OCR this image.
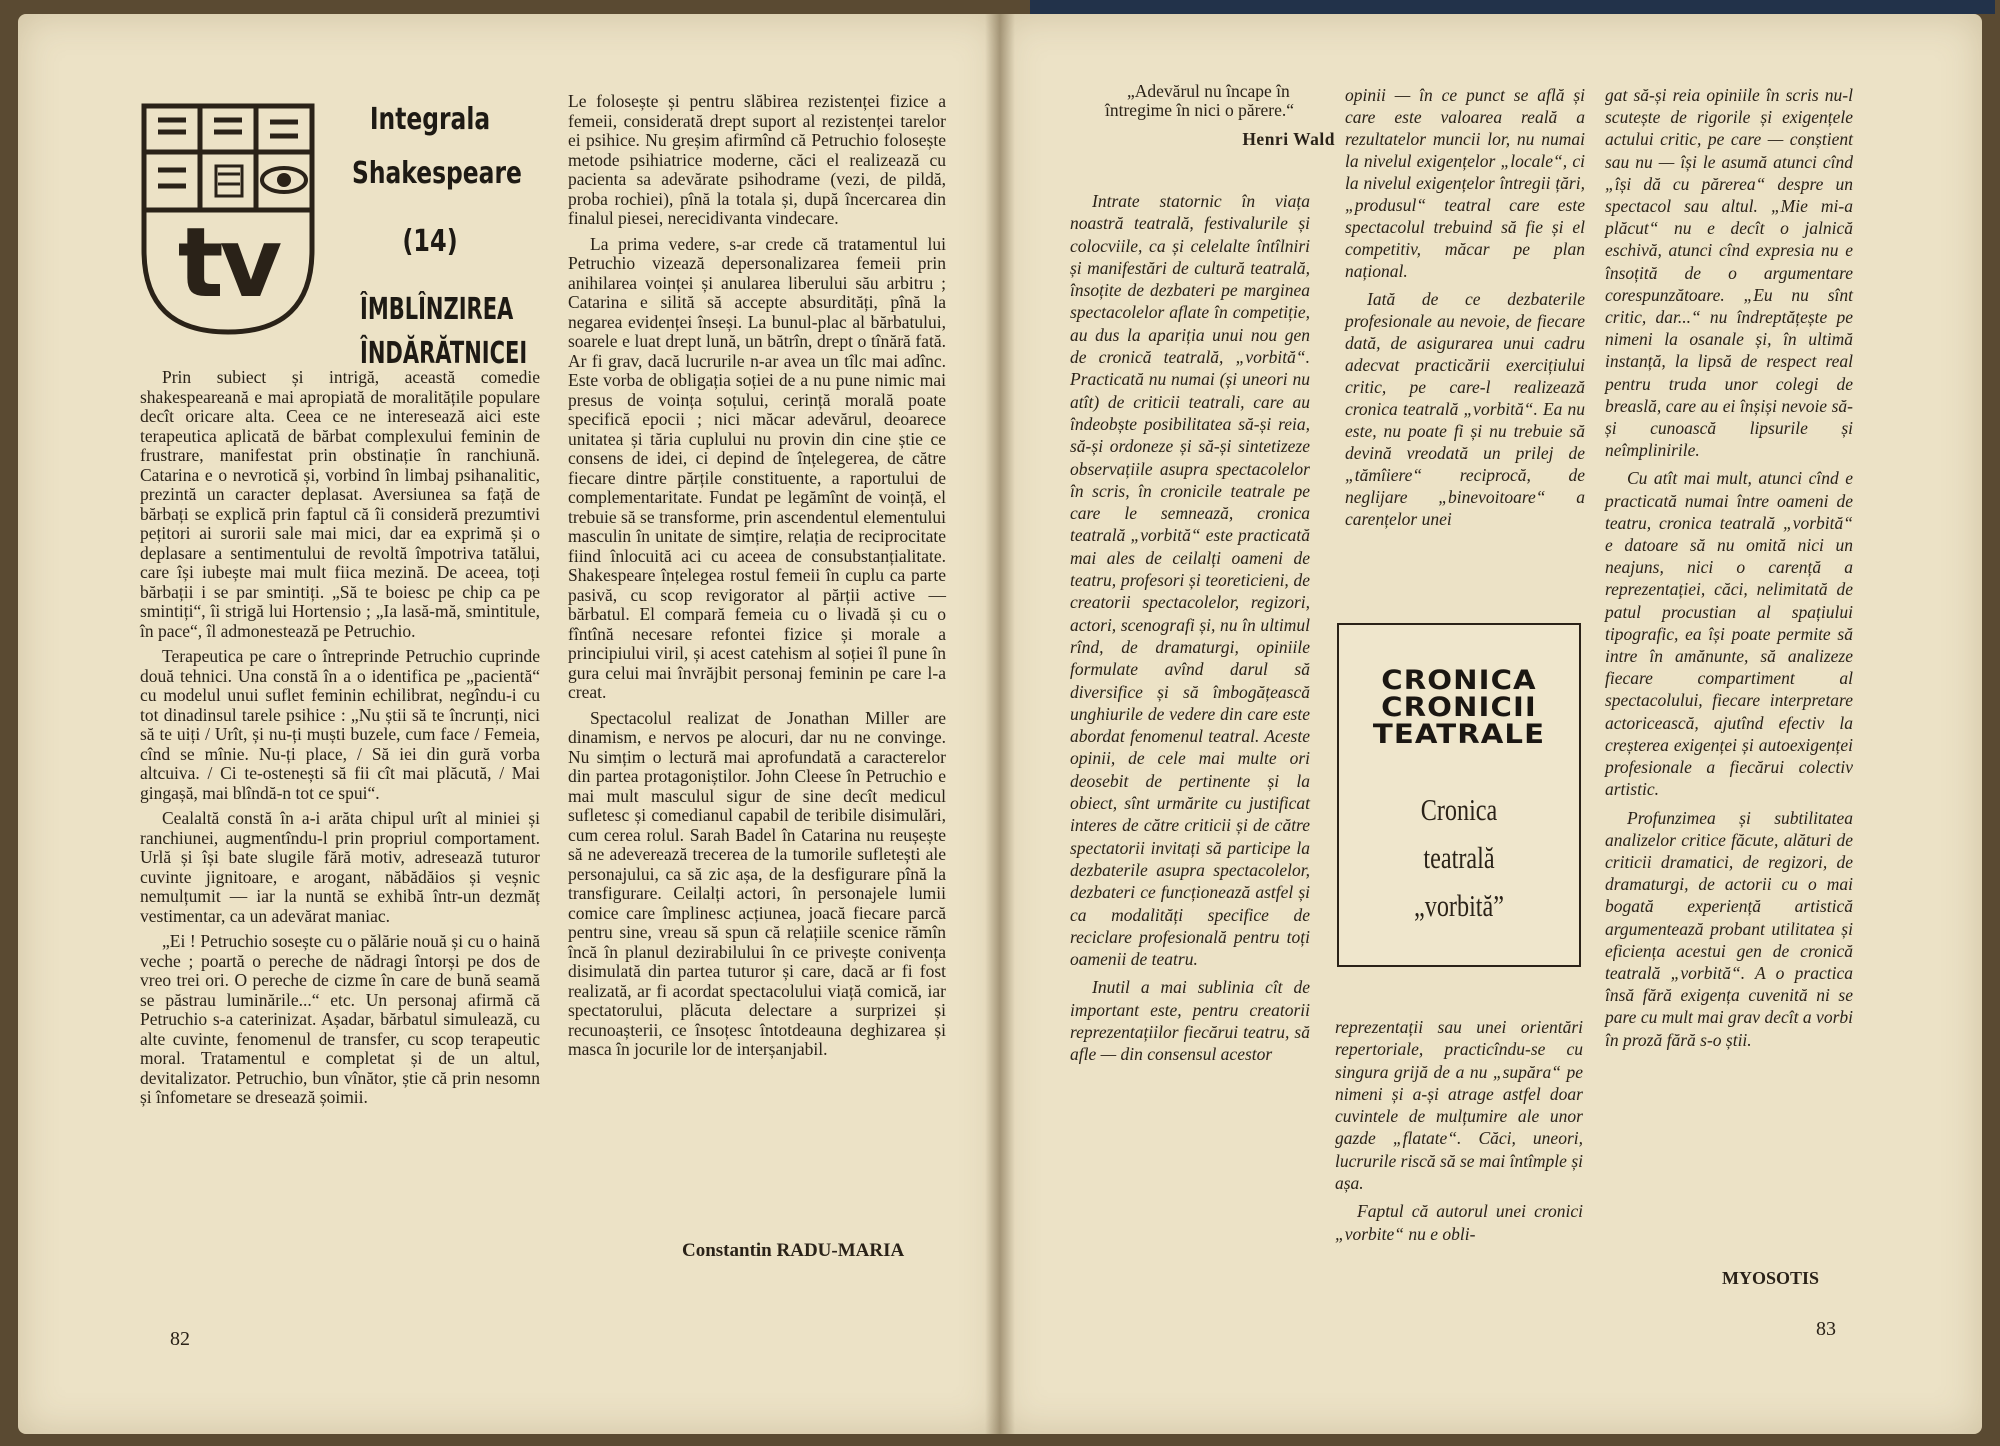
tv
Integrala
Shakespeare
(14)
ÎMBLÎNZIREA
ÎNDĂRĂTNICEI

Prin subiect și intrigă, această comedie shakespeareană e mai apropiată de moralitățile populare decît oricare alta. Ceea ce ne interesează aici este terapeutica aplicată de bărbat complexului feminin de frustrare, manifestat prin obstinație în ranchiună. Catarina e o nevrotică și, vorbind în limbaj psihanalitic, prezintă un caracter deplasat. Aversiunea sa față de bărbați se explică prin faptul că îi consideră prezumtivi pețitori ai surorii sale mai mici, dar ea exprimă și o deplasare a sentimentului de revoltă împotriva tatălui, care își iubește mai mult fiica mezină. De aceea, toți bărbații i se par smintiți. „Să te boiesc pe chip ca pe smintiți“, îi strigă lui Hortensio ; „Ia lasă-mă, smintitule, în pace“, îl admonestează pe Petruchio.

Terapeutica pe care o întreprinde Petruchio cuprinde două tehnici. Una constă în a o identifica pe „pacientă“ cu modelul unui suflet feminin echilibrat, negîndu-i cu tot dinadinsul tarele psihice : „Nu știi să te încrunți, nici să te uiți / Urît, și nu-ți muști buzele, cum face / Femeia, cînd se mînie. Nu-ți place, / Să iei din gură vorba altcuiva. / Ci te-ostenești să fii cît mai plăcută, / Mai gingașă, mai blîndă-n tot ce spui“.

Cealaltă constă în a-i arăta chipul urît al miniei și ranchiunei, augmentîndu-l prin propriul comportament. Urlă și își bate slugile fără motiv, adresează tuturor cuvinte jignitoare, e arogant, năbădăios și veșnic nemulțumit — iar la nuntă se exhibă într-un dezmăț vestimentar, ca un adevărat maniac.

„Ei ! Petruchio sosește cu o pălărie nouă și cu o haină veche ; poartă o pereche de nădragi întorși pe dos de vreo trei ori. O pereche de cizme în care de bună seamă se păstrau luminările...“ etc. Un personaj afirmă că Petruchio s-a caterinizat. Așadar, bărbatul simulează, cu alte cuvinte, fenomenul de transfer, cu scop terapeutic moral. Tratamentul e completat și de un altul, devitalizator. Petruchio, bun vînător, știe că prin nesomn și înfometare se dresează șoimii.

Le folosește și pentru slăbirea rezistenței fizice a femeii, considerată drept suport al rezistenței tarelor ei psihice. Nu greșim afirmînd că Petruchio folosește metode psihiatrice moderne, căci el realizează cu pacienta sa adevărate psihodrame (vezi, de pildă, proba rochiei), pînă la totala și, după încercarea din finalul piesei, nerecidivanta vindecare.

La prima vedere, s-ar crede că tratamentul lui Petruchio vizează depersonalizarea femeii prin anihilarea voinței și anularea liberului său arbitru ; Catarina e silită să accepte absurdități, pînă la negarea evidenței înseși. La bunul-plac al bărbatului, soarele e luat drept lună, un bătrîn, drept o tînără fată. Ar fi grav, dacă lucrurile n-ar avea un tîlc mai adînc. Este vorba de obligația soției de a nu pune nimic mai presus de voința soțului, cerință morală poate specifică epocii ; nici măcar adevărul, deoarece unitatea și tăria cuplului nu provin din cine știe ce consens de idei, ci depind de înțelegerea, de către fiecare dintre părțile constituente, a raportului de complementaritate. Fundat pe legămînt de voință, el trebuie să se transforme, prin ascendentul elementului masculin în unitate de simțire, relația de reciprocitate fiind înlocuită aci cu aceea de consubstanțialitate. Shakespeare înțelegea rostul femeii în cuplu ca parte pasivă, cu scop revigorator al părții active — bărbatul. El compară femeia cu o livadă și cu o fîntînă necesare refontei fizice și morale a principiului viril, și acest catehism al soției îl pune în gura celui mai învrăjbit personaj feminin pe care l-a creat.

Spectacolul realizat de Jonathan Miller are dinamism, e nervos pe alocuri, dar nu ne convinge. Nu simțim o lectură mai aprofundată a caracterelor din partea protagoniștilor. John Cleese în Petruchio e mai mult masculul sigur de sine decît medicul sufletesc și comedianul capabil de teribile disimulări, cum cerea rolul. Sarah Badel în Catarina nu reușește să ne adeverează trecerea de la tumorile sufletești ale personajului, ca să zic așa, de la desfigurare pînă la transfigurare. Ceilalți actori, în personajele lumii comice care împlinesc acțiunea, joacă fiecare parcă pentru sine, vreau să spun că relațiile scenice rămîn încă în planul dezirabilului în ce privește conivența disimulată din partea tuturor și care, dacă ar fi fost realizată, ar fi acordat spectacolului viață comică, iar spectatorului, plăcuta delectare a surprizei și recunoașterii, ce însoțesc întotdeauna deghizarea și masca în jocurile lor de interșanjabil.

Constantin RADU-MARIA
82

„Adevărul nu încape în întregime în nici o părere.“

Henri Wald

Intrate statornic în viața noastră teatrală, festivalurile și colocviile, ca și celelalte întîlniri și manifestări de cultură teatrală, însoțite de dezbateri pe marginea spectacolelor aflate în competiție, au dus la apariția unui nou gen de cronică teatrală, „vorbită“. Practicată nu numai (și uneori nu atît) de criticii teatrali, care au îndeobște posibilitatea să-și reia, să-și ordoneze și să-și sintetizeze observațiile asupra spectacolelor în scris, în cronicile teatrale pe care le semnează, cronica teatrală „vorbită“ este practicată mai ales de ceilalți oameni de teatru, profesori și teoreticieni, de creatorii spectacolelor, regizori, actori, scenografi și, nu în ultimul rînd, de dramaturgi, opiniile formulate avînd darul să diversifice și să îmbogățească unghiurile de vedere din care este abordat fenomenul teatral. Aceste opinii, de cele mai multe ori deosebit de pertinente și la obiect, sînt urmărite cu justificat interes de către criticii și de către spectatorii invitați să participe la dezbaterile asupra spectacolelor, dezbateri ce funcționează astfel și ca modalități specifice de reciclare profesională pentru toți oamenii de teatru.

Inutil a mai sublinia cît de important este, pentru creatorii reprezentațiilor fiecărui teatru, să afle — din consensul acestor

opinii — în ce punct se află și care este valoarea reală a rezultatelor muncii lor, nu numai la nivelul exigențelor „locale“, ci la nivelul exigențelor întregii țări, „produsul“ teatral care este spectacolul trebuind să fie și el competitiv, măcar pe plan național.

Iată de ce dezbaterile profesionale au nevoie, de fiecare dată, de asigurarea unui cadru adecvat practicării exercițiului critic, pe care-l realizează cronica teatrală „vorbită“. Ea nu este, nu poate fi și nu trebuie să devină vreodată un prilej de „tămîiere“ reciprocă, de neglijare „binevoitoare“ a carențelor unei

CRONICA
CRONICII
TEATRALE
Cronica
teatrală
„vorbită”

reprezentații sau unei orientări repertoriale, practicîndu-se cu singura grijă de a nu „supăra“ pe nimeni și a-și atrage astfel doar cuvintele de mulțumire ale unor gazde „flatate“. Căci, uneori, lucrurile riscă să se mai întîmple și așa.

Faptul că autorul unei cronici „vorbite“ nu e obli-

gat să-și reia opiniile în scris nu-l scutește de rigorile și exigențele actului critic, pe care — conștient sau nu — își le asumă atunci cînd „își dă cu părerea“ despre un spectacol sau altul. „Mie mi-a plăcut“ nu e decît o jalnică eschivă, atunci cînd expresia nu e însoțită de o argumentare corespunzătoare. „Eu nu sînt critic, dar...“ nu îndreptățește pe nimeni la osanale și, în ultimă instanță, la lipsă de respect real pentru truda unor colegi de breaslă, care au ei înșiși nevoie să-și cunoască lipsurile și neîmplinirile.

Cu atît mai mult, atunci cînd e practicată numai între oameni de teatru, cronica teatrală „vorbită“ e datoare să nu omită nici un neajuns, nici o carență a reprezentației, căci, nelimitată de patul procustian al spațiului tipografic, ea își poate permite să intre în amănunte, să analizeze fiecare compartiment al spectacolului, fiecare interpretare actoricească, ajutînd efectiv la creșterea exigenței și autoexigenței profesionale a fiecărui colectiv artistic.

Profunzimea și subtilitatea analizelor critice făcute, alături de criticii dramatici, de regizori, de dramaturgi, de actorii cu o mai bogată experiență artistică argumentează probant utilitatea și eficiența acestui gen de cronică teatrală „vorbită“. A o practica însă fără exigența cuvenită ni se pare cu mult mai grav decît a vorbi în proză fără s-o știi.

MYOSOTIS
83
